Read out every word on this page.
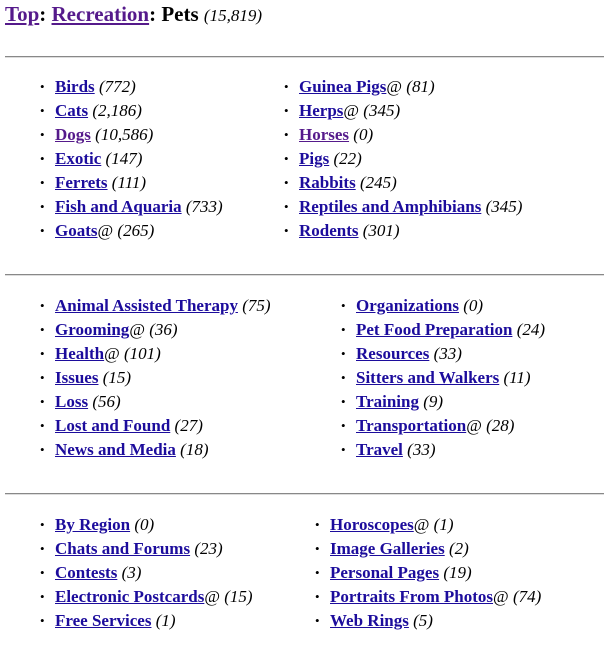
Top: Recreation: Pets (15,819)
• Birds (772)
• Cats (2,186)
• Dogs (10,586)
• Exotic (147)
• Ferrets (111)
• Fish and Aquaria (733)
• Goats@ (265)
• Guinea Pigs@ (81)
• Herps@ (345)
• Horses (0)
• Pigs (22)
• Rabbits (245)
• Reptiles and Amphibians (345)
• Rodents (301)
• Animal Assisted Therapy (75)
• Grooming@ (36)
• Health@ (101)
• Issues (15)
• Loss (56)
• Lost and Found (27)
• News and Media (18)
• Organizations (0)
• Pet Food Preparation (24)
• Resources (33)
• Sitters and Walkers (11)
• Training (9)
• Transportation@ (28)
• Travel (33)
• By Region (0)
• Chats and Forums (23)
• Contests (3)
• Electronic Postcards@ (15)
• Free Services (1)
• Horoscopes@ (1)
• Image Galleries (2)
• Personal Pages (19)
• Portraits From Photos@ (74)
• Web Rings (5)
